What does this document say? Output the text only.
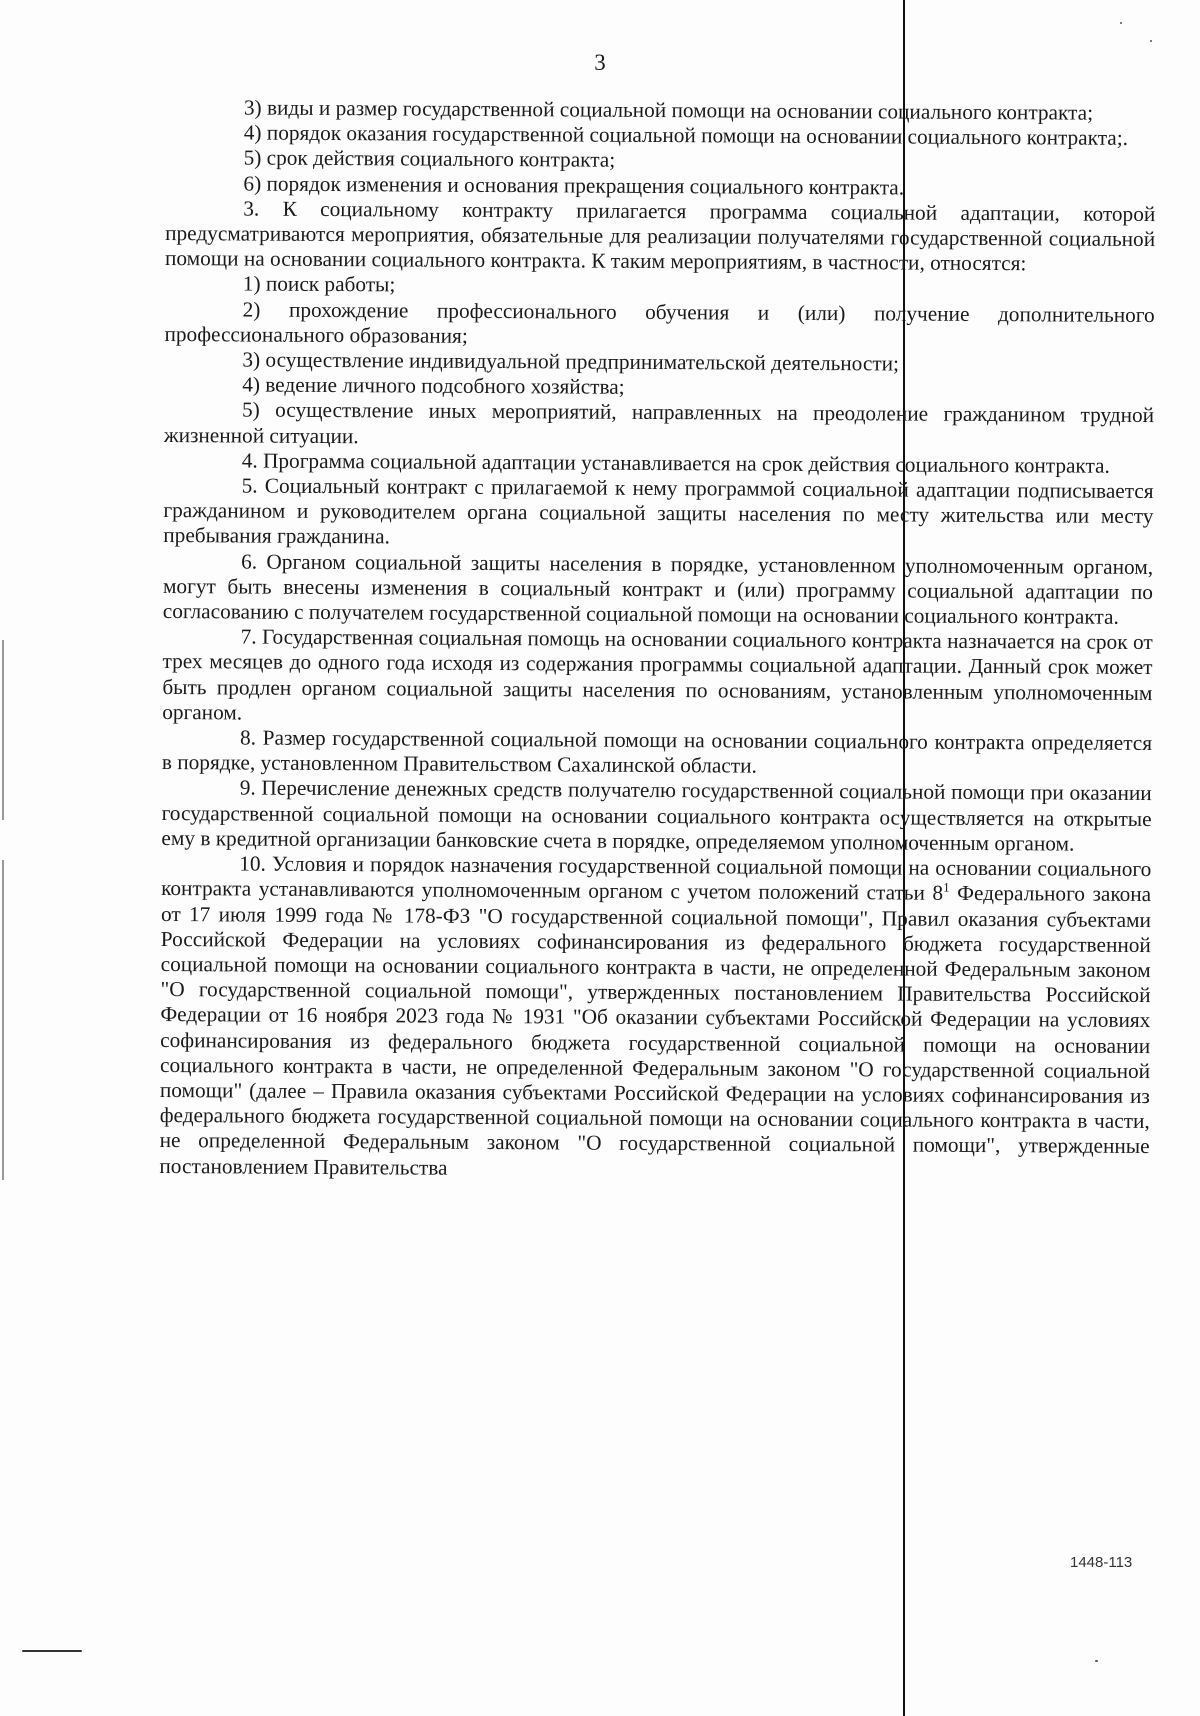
3

3) виды и размер государственной социальной помощи на основании социального контракта;

4) порядок оказания государственной социальной помощи на основании социального контракта;.

5) срок действия социального контракта;

6) порядок изменения и основания прекращения социального контракта.

3. К социальному контракту прилагается программа социальной адаптации, которой предусматриваются мероприятия, обязательные для реализации получателями государственной социальной помощи на основании социального контракта. К таким мероприятиям, в частности, относятся:

1) поиск работы;

2) прохождение профессионального обучения и (или) получение дополнительного профессионального образования;

3) осуществление индивидуальной предпринимательской деятельности;

4) ведение личного подсобного хозяйства;

5) осуществление иных мероприятий, направленных на преодоление гражданином трудной жизненной ситуации.

4. Программа социальной адаптации устанавливается на срок действия социального контракта.

5. Социальный контракт с прилагаемой к нему программой социальной адаптации подписывается гражданином и руководителем органа социальной защиты населения по месту жительства или месту пребывания гражданина.

6. Органом социальной защиты населения в порядке, установленном уполномоченным органом, могут быть внесены изменения в социальный контракт и (или) программу социальной адаптации по согласованию с получателем государственной социальной помощи на основании социального контракта.

7. Государственная социальная помощь на основании социального контракта назначается на срок от трех месяцев до одного года исходя из содержания программы социальной адаптации. Данный срок может быть продлен органом социальной защиты населения по основаниям, установленным уполномоченным органом.

8. Размер государственной социальной помощи на основании социального контракта определяется в порядке, установленном Правительством Сахалинской области.

9. Перечисление денежных средств получателю государственной социальной помощи при оказании государственной социальной помощи на основании социального контракта осуществляется на открытые ему в кредитной организации банковские счета в порядке, определяемом уполномоченным органом.

10. Условия и порядок назначения государственной социальной помощи на основании социального контракта устанавливаются уполномоченным органом с учетом положений статьи $8^1$ Федерального закона от 17 июля 1999 года № 178-ФЗ "О государственной социальной помощи", Правил оказания субъектами Российской Федерации на условиях софинансирования из федерального бюджета государственной социальной помощи на основании социального контракта в части, не определенной Федеральным законом "О государственной социальной помощи", утвержденных постановлением Правительства Российской Федерации от 16 ноября 2023 года № 1931 "Об оказании субъектами Российской Федерации на условиях софинансирования из федерального бюджета государственной социальной помощи на основании социального контракта в части, не определенной Федеральным законом "О государственной социальной помощи" (далее – Правила оказания субъектами Российской Федерации на условиях софинансирования из федерального бюджета государственной социальной помощи на основании социального контракта в части, не определенной Федеральным законом "О государственной социальной помощи", утвержденные постановлением Правительства

1448-113
